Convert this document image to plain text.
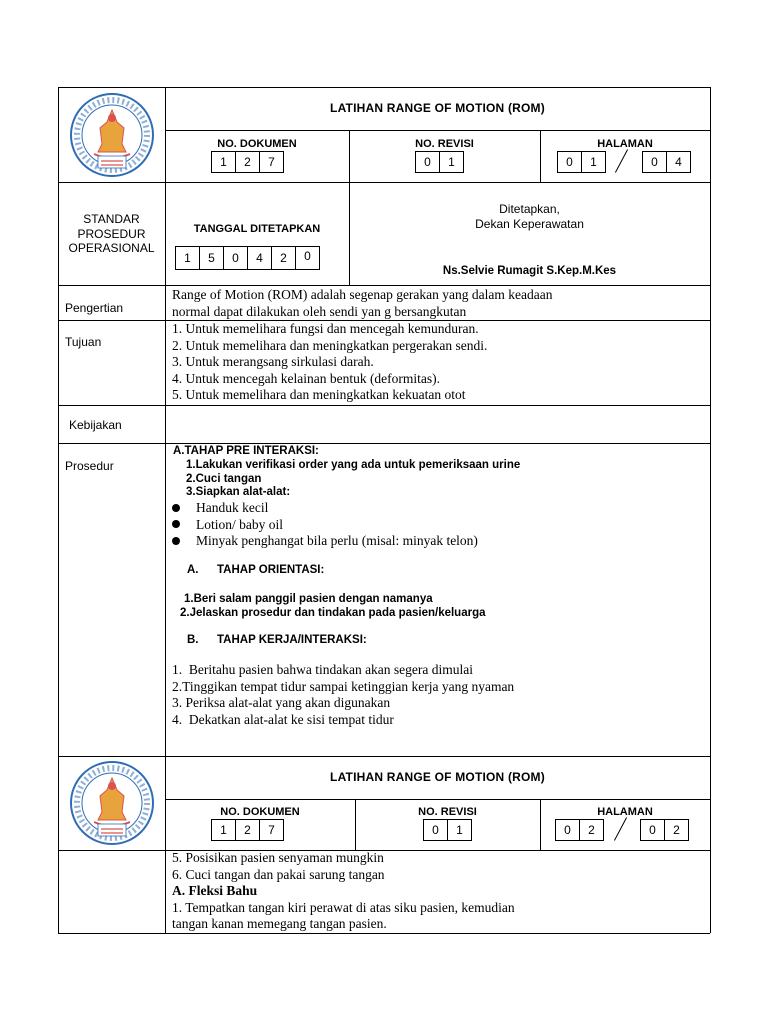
LATIHAN RANGE OF MOTION (ROM)
NO. DOKUMEN
1	2	7
NO. REVISI
0	1
HALAMAN
0	1	0	4
STANDAR
PROSEDUR
OPERASIONAL
TANGGAL DITETAPKAN
1	5	0	4	2	0
Ditetapkan,
Dekan Keperawatan
Ns.Selvie Rumagit S.Kep.M.Kes
Pengertian
Range of Motion (ROM) adalah segenap gerakan yang dalam keadaan
normal dapat dilakukan oleh sendi yan g bersangkutan
Tujuan
1. Untuk memelihara fungsi dan mencegah kemunduran.
2. Untuk memelihara dan meningkatkan pergerakan sendi.
3. Untuk merangsang sirkulasi darah.
4. Untuk mencegah kelainan bentuk (deformitas).
5. Untuk memelihara dan meningkatkan kekuatan otot
Kebijakan
Prosedur
A.TAHAP PRE INTERAKSI:
1.Lakukan verifikasi order yang ada untuk pemeriksaan urine
2.Cuci tangan
3.Siapkan alat-alat:
Handuk kecil
Lotion/ baby oil
Minyak penghangat bila perlu (misal: minyak telon)
A. TAHAP ORIENTASI:
1.Beri salam panggil pasien dengan namanya
2.Jelaskan prosedur dan tindakan pada pasien/keluarga
B. TAHAP KERJA/INTERAKSI:
1.  Beritahu pasien bahwa tindakan akan segera dimulai
2.Tinggikan tempat tidur sampai ketinggian kerja yang nyaman
3. Periksa alat-alat yang akan digunakan
4.  Dekatkan alat-alat ke sisi tempat tidur
LATIHAN RANGE OF MOTION (ROM)
NO. DOKUMEN
1	2	7
NO. REVISI
0	1
HALAMAN
0	2	0	2
5. Posisikan pasien senyaman mungkin
6. Cuci tangan dan pakai sarung tangan
A. Fleksi Bahu
1. Tempatkan tangan kiri perawat di atas siku pasien, kemudian
tangan kanan memegang tangan pasien.
